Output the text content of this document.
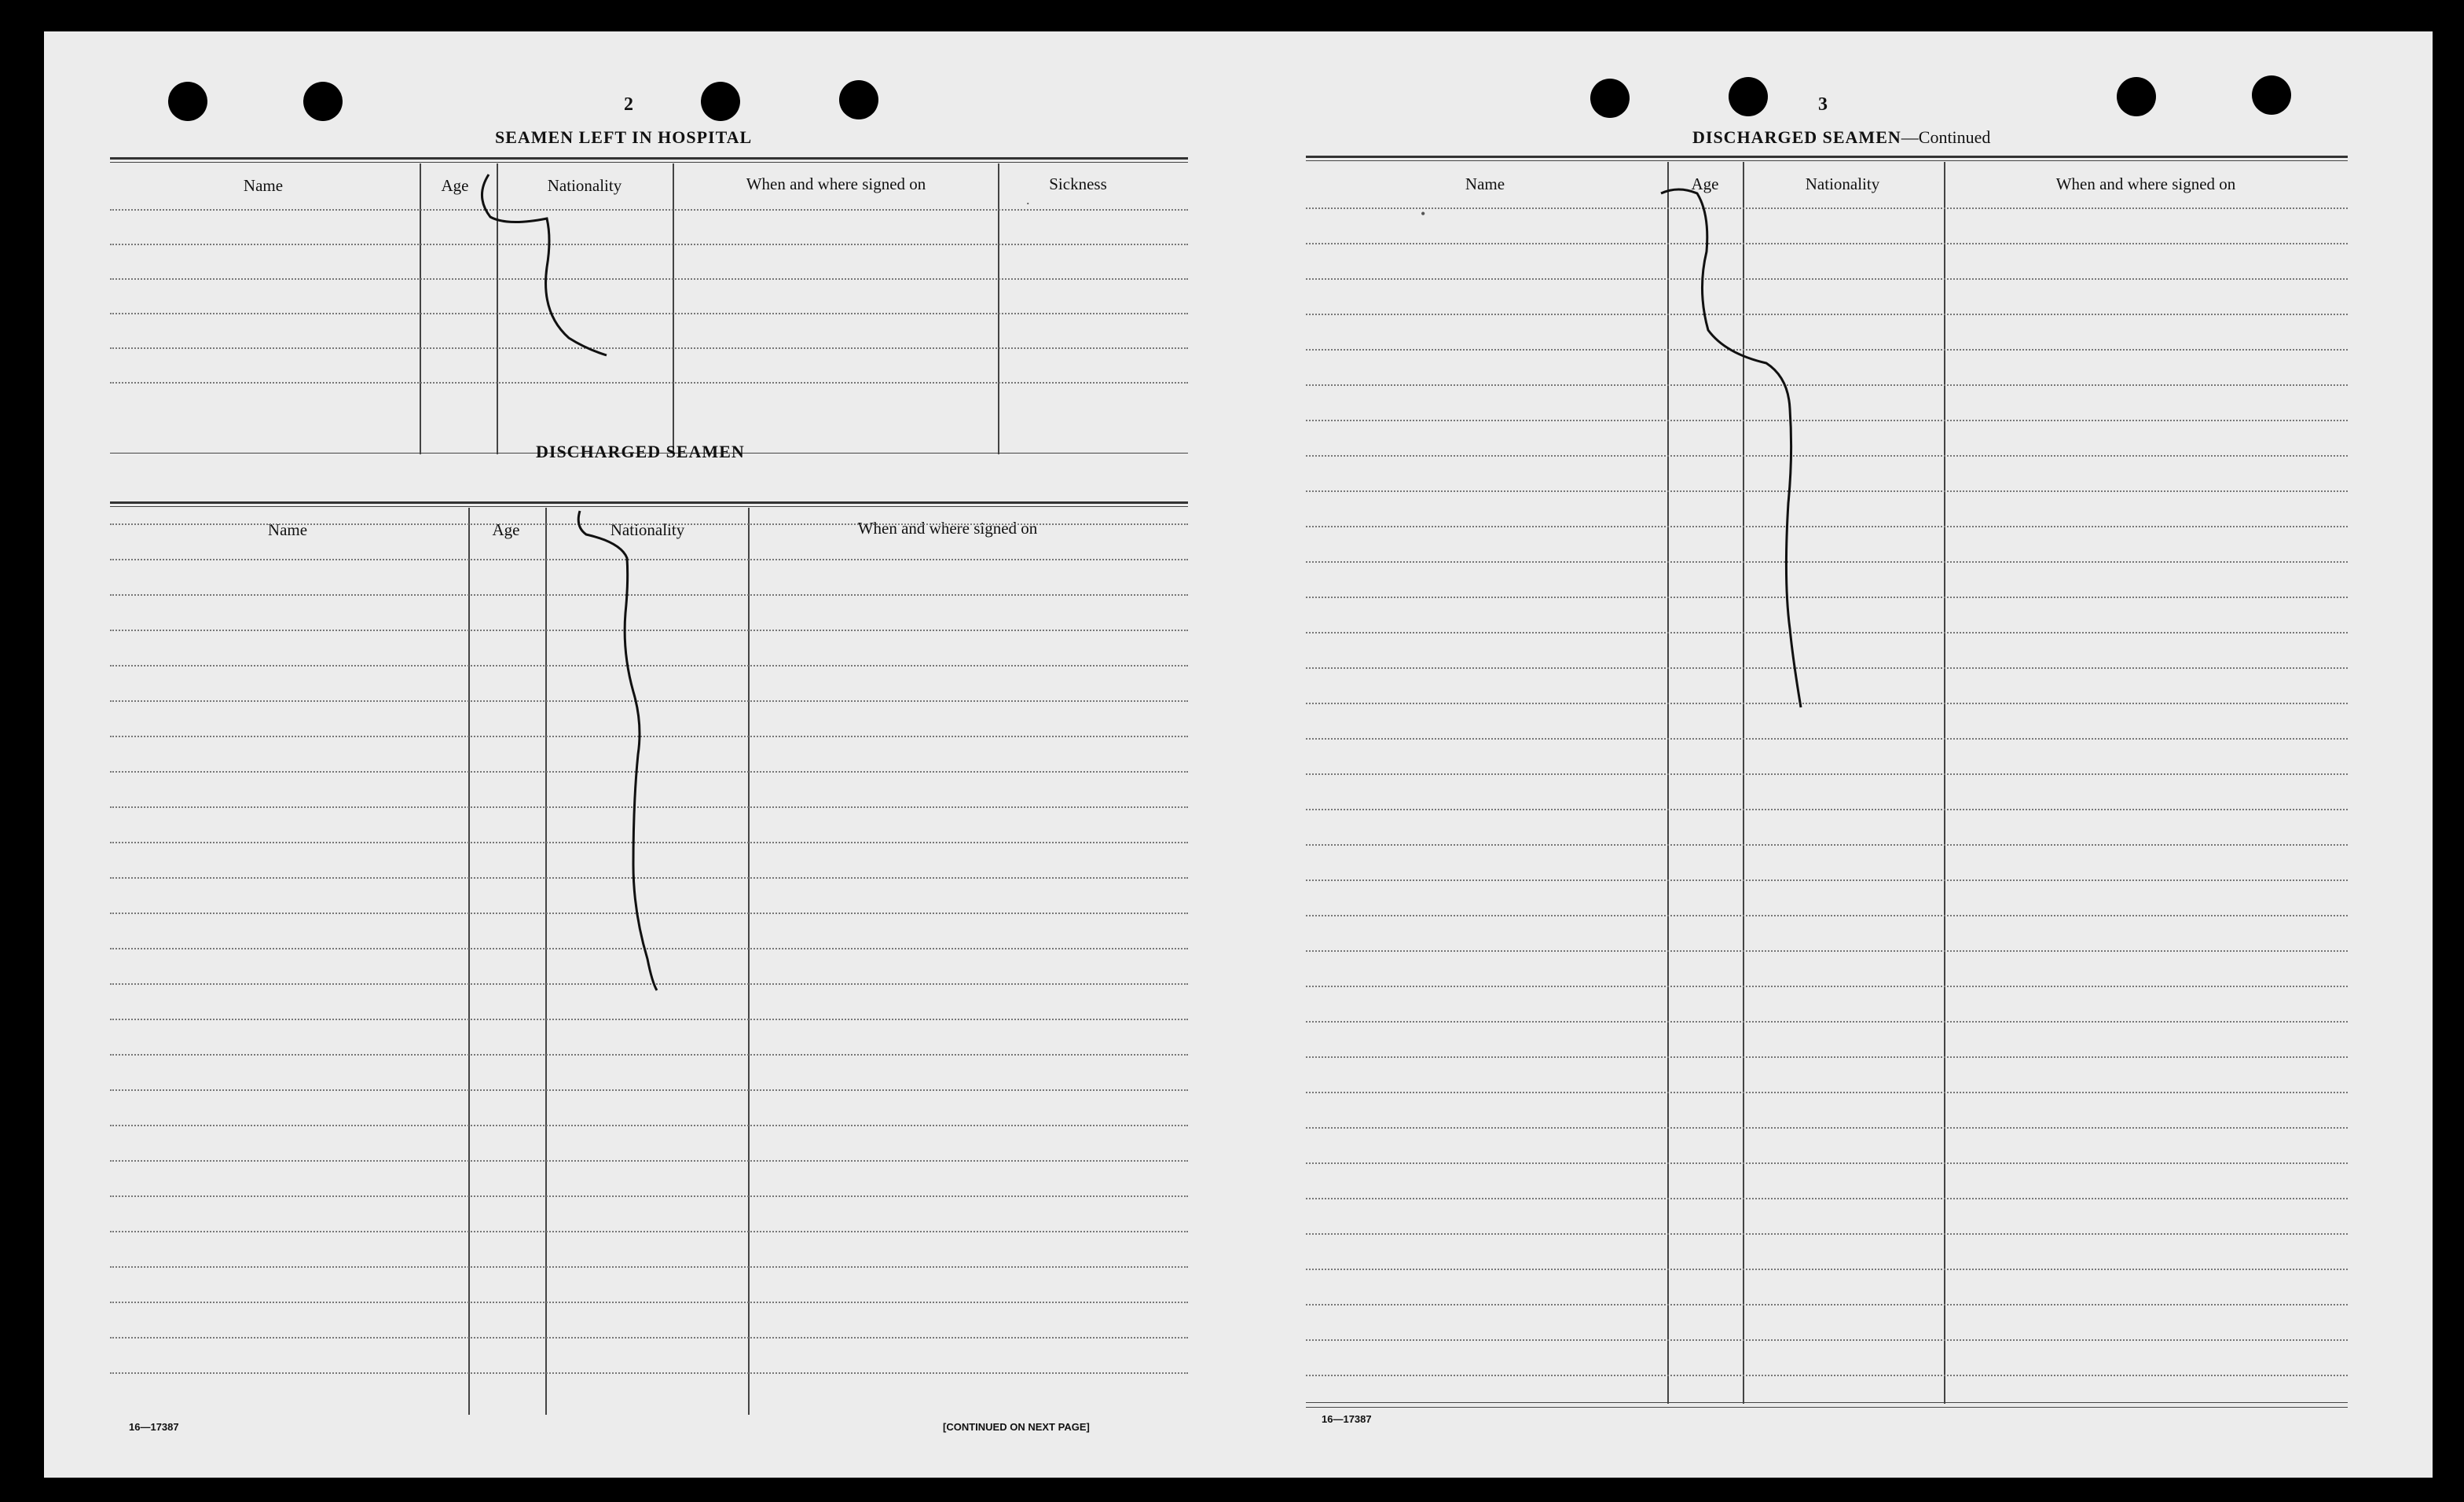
2
SEAMEN LEFT IN HOSPITAL
Name	Age	Nationality	When and where signed on	Sickness
DISCHARGED SEAMEN
Name	Age	Nationality	When and where signed on
16—17387	[CONTINUED ON NEXT PAGE]
.
3
DISCHARGED SEAMEN—Continued
Name	Age	Nationality	When and where signed on
16—17387
•
